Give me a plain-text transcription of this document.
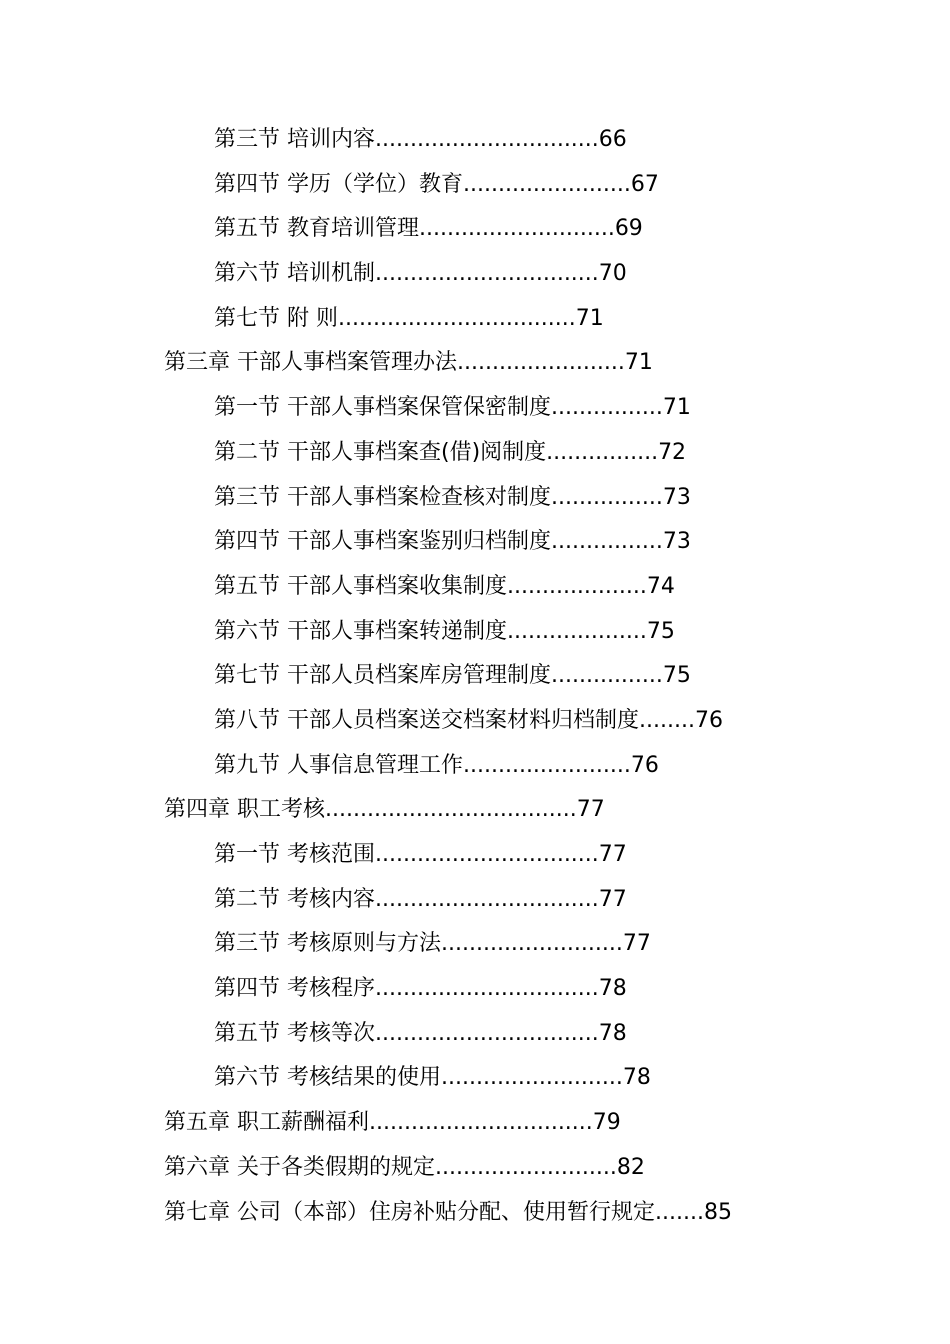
第三节 培训内容................................66
第四节 学历（学位）教育........................67
第五节 教育培训管理............................69
第六节 培训机制................................70
第七节 附 则..................................71
第三章 干部人事档案管理办法........................71
第一节 干部人事档案保管保密制度................71
第二节 干部人事档案查(借)阅制度................72
第三节 干部人事档案检查核对制度................73
第四节 干部人事档案鉴别归档制度................73
第五节 干部人事档案收集制度....................74
第六节 干部人事档案转递制度....................75
第七节 干部人员档案库房管理制度................75
第八节 干部人员档案送交档案材料归档制度........76
第九节 人事信息管理工作........................76
第四章 职工考核....................................77
第一节 考核范围................................77
第二节 考核内容................................77
第三节 考核原则与方法..........................77
第四节 考核程序................................78
第五节 考核等次................................78
第六节 考核结果的使用..........................78
第五章 职工薪酬福利................................79
第六章 关于各类假期的规定..........................82
第七章 公司（本部）住房补贴分配、使用暂行规定.......85
